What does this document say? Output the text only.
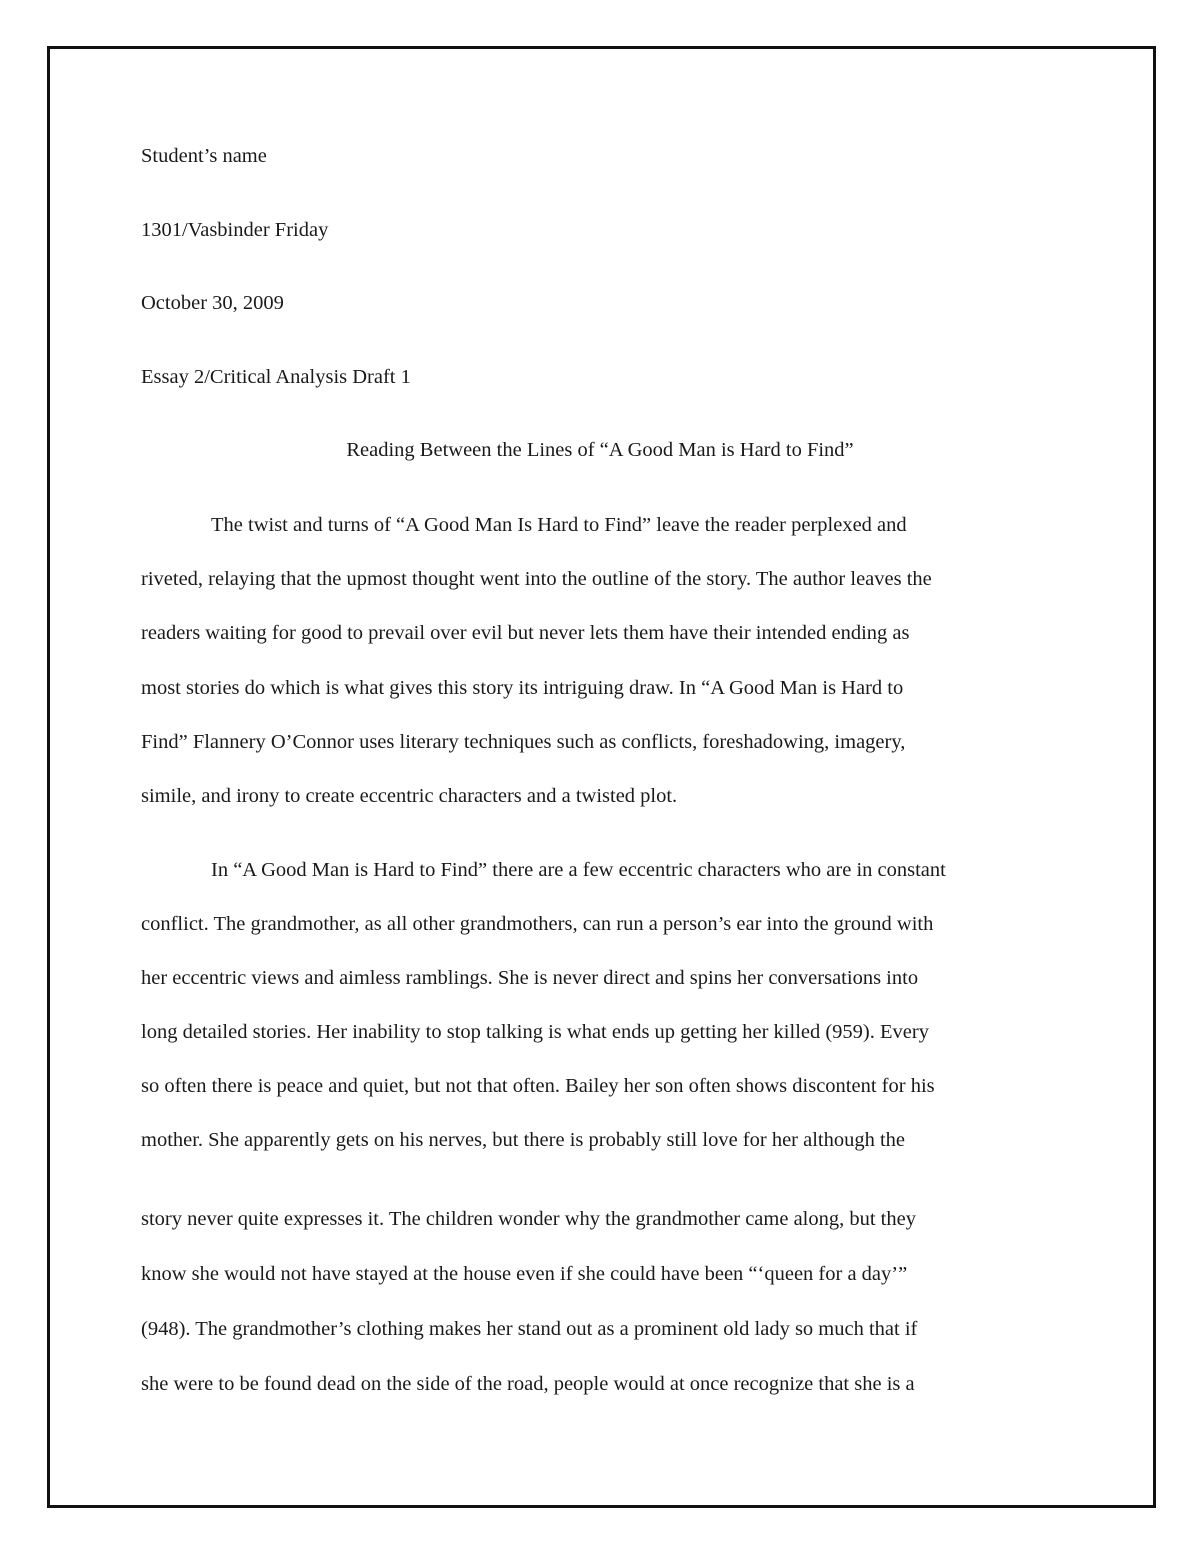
Student’s name
1301/Vasbinder Friday
October 30, 2009
Essay 2/Critical Analysis Draft 1
Reading Between the Lines of “A Good Man is Hard to Find”
The twist and turns of “A Good Man Is Hard to Find” leave the reader perplexed and
riveted, relaying that the upmost thought went into the outline of the story. The author leaves the
readers waiting for good to prevail over evil but never lets them have their intended ending as
most stories do which is what gives this story its intriguing draw. In “A Good Man is Hard to
Find” Flannery O’Connor uses literary techniques such as conflicts, foreshadowing, imagery,
simile, and irony to create eccentric characters and a twisted plot.
In “A Good Man is Hard to Find” there are a few eccentric characters who are in constant
conflict. The grandmother, as all other grandmothers, can run a person’s ear into the ground with
her eccentric views and aimless ramblings. She is never direct and spins her conversations into
long detailed stories. Her inability to stop talking is what ends up getting her killed (959). Every
so often there is peace and quiet, but not that often. Bailey her son often shows discontent for his
mother. She apparently gets on his nerves, but there is probably still love for her although the
story never quite expresses it. The children wonder why the grandmother came along, but they
know she would not have stayed at the house even if she could have been “‘queen for a day’”
(948). The grandmother’s clothing makes her stand out as a prominent old lady so much that if
she were to be found dead on the side of the road, people would at once recognize that she is a
